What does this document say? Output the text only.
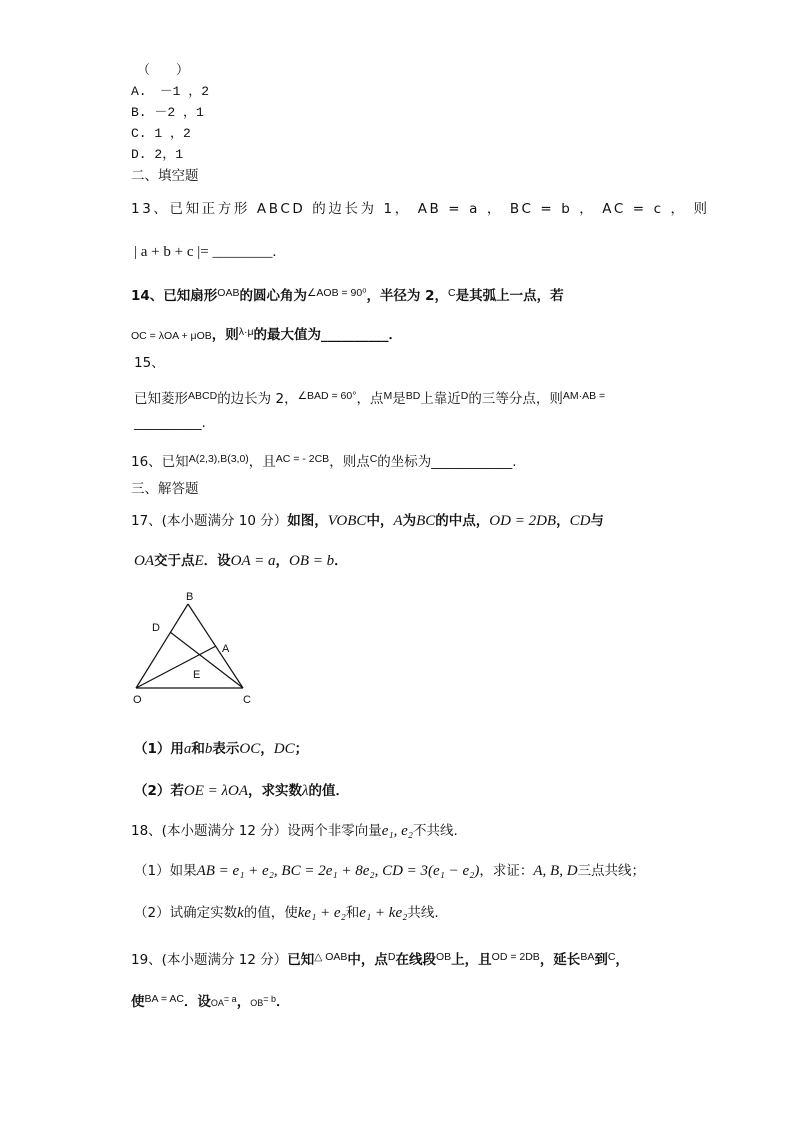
（　　）
A.　－1 ，2
B. －2 ，1
C. 1 ，2
D. 2，1
二、填空题
13、已知正方形 ABCD 的边长为 1， AB = a ， BC = b ， AC = c ， 则
| a + b + c |= ________.
14、已知扇形$^{OAB}$的圆心角为$^{\angle AOB = 90^0}$，半径为 2，$^C$是其弧上一点，若
OC = λOA + μOB，则$^{\lambda\cdot\mu}$的最大值为__________．
15、
已知菱形$^{ABCD}$的边长为 2，$^{\angle BAD = 60^\circ}$，点$^M$是$^{BD}$上靠近$^D$的三等分点，则$^{AM\cdot AB =}$
__________.
16、已知$^{A(2,3),B(3,0)}$，且$^{AC = - 2CB}$，则点$^C$的坐标为____________.
三、解答题
17、(本小题满分 10 分）如图，VOBC中，A为BC的中点，OD = 2DB，CD与
OA交于点E．设OA = a，OB = b．
B
D
A
E
O	C
（1）用a和b表示OC，DC；
（2）若OE = λOA，求实数λ的值．
18、(本小题满分 12 分）设两个非零向量e₁, e₂不共线.
（1）如果AB = e₁ + e₂, BC = 2e₁ + 8e₂, CD = 3(e₁ − e₂)，求证：A, B, D三点共线；
（2）试确定实数k的值，使ke₁ + e₂和e₁ + ke₂共线.
19、(本小题满分 12 分）已知$^{\triangle OAB}$中，点$^D$在线段$^{OB}$上，且$^{OD = 2DB}$，延长$^{BA}$到$^C$，
使$^{BA = AC}$．设$OA^{= a}$，$OB^{= b}$．
